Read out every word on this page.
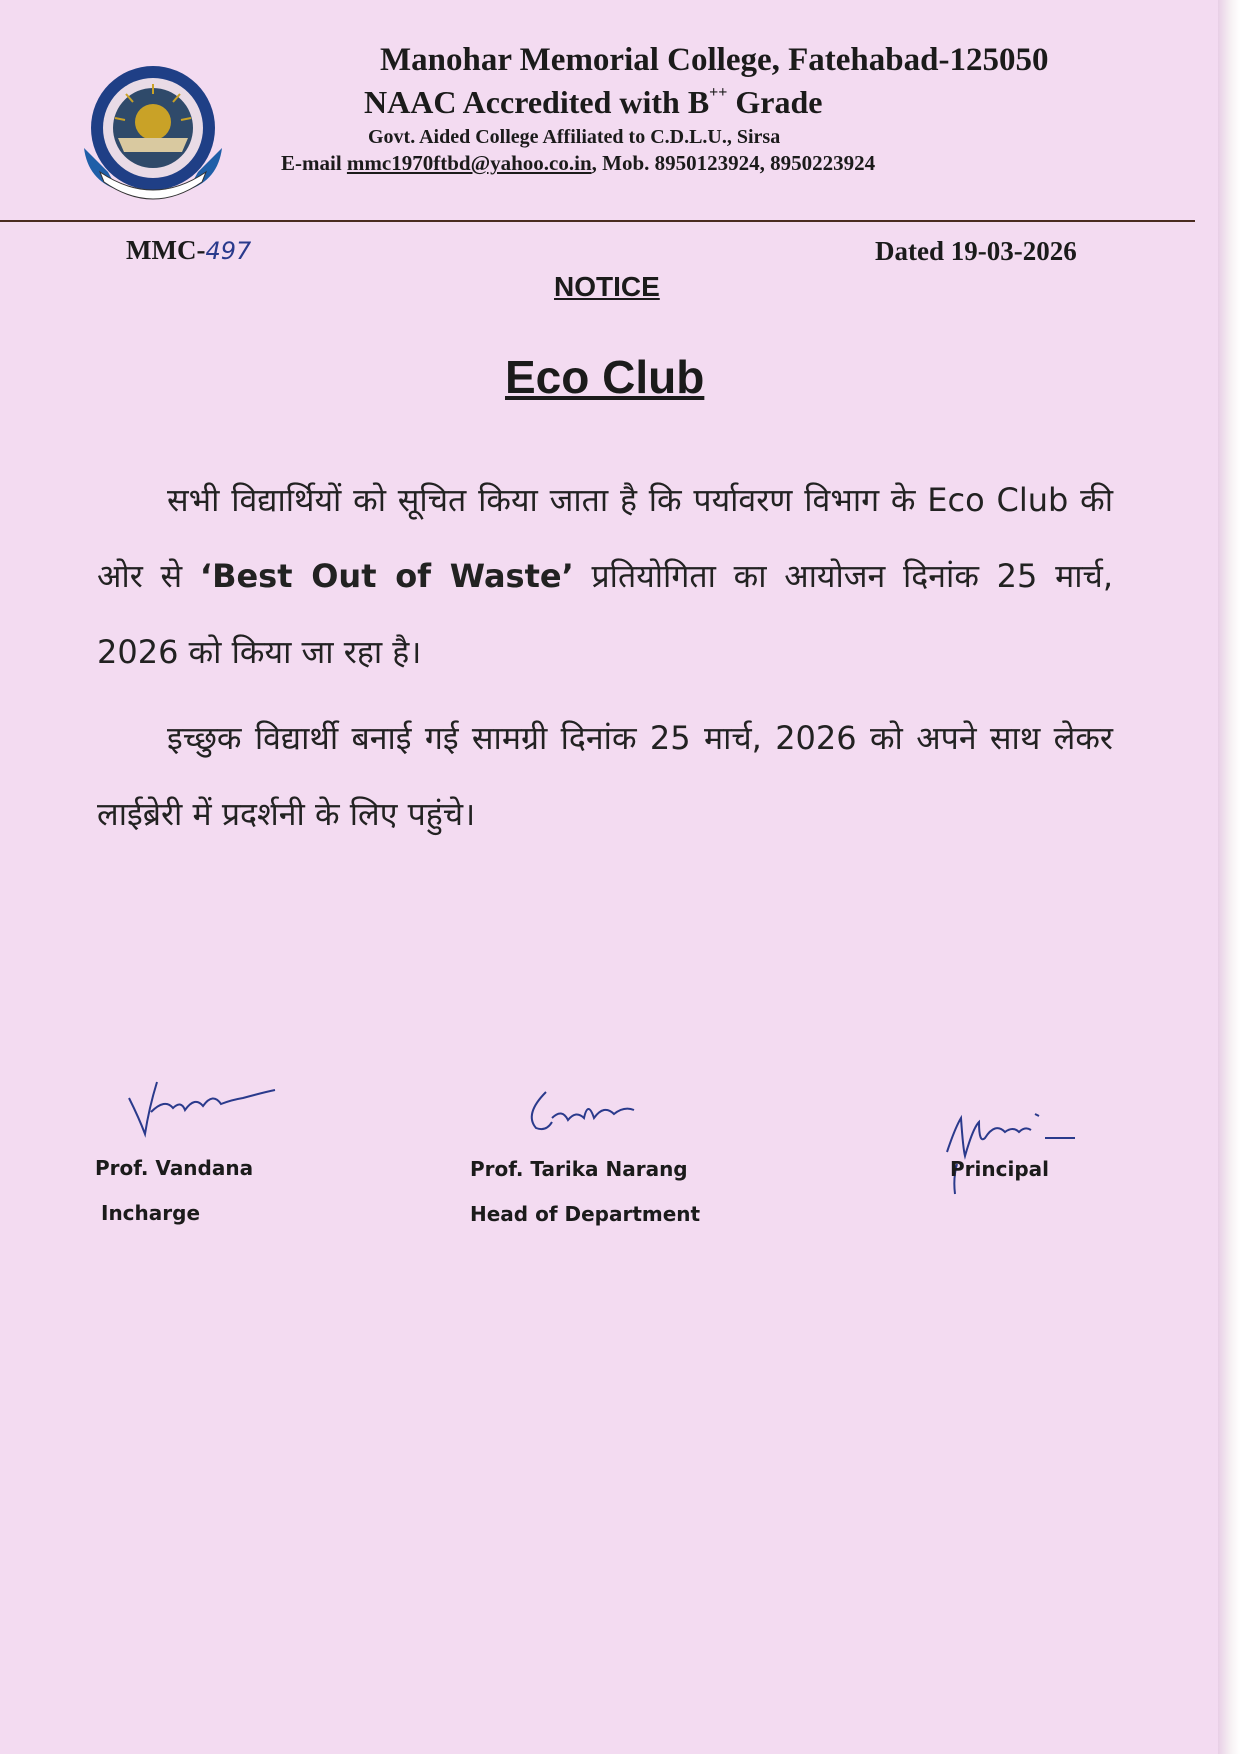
Manohar Memorial College, Fatehabad-125050
NAAC Accredited with B++ Grade
Govt. Aided College Affiliated to C.D.L.U., Sirsa
E-mail mmc1970ftbd@yahoo.co.in, Mob. 8950123924, 8950223924
MMC-497	Dated 19-03-2026
NOTICE
Eco Club

सभी विद्यार्थियों को सूचित किया जाता है कि पर्यावरण विभाग के Eco Club की ओर से ‘Best Out of Waste’ प्रतियोगिता का आयोजन दिनांक 25 मार्च, 2026 को किया जा रहा है।

इच्छुक विद्यार्थी बनाई गई सामग्री दिनांक 25 मार्च, 2026 को अपने साथ लेकर लाईब्रेरी में प्रदर्शनी के लिए पहुंचे।

Prof. Vandana
Incharge
Prof. Tarika Narang
Head of Department
Principal
